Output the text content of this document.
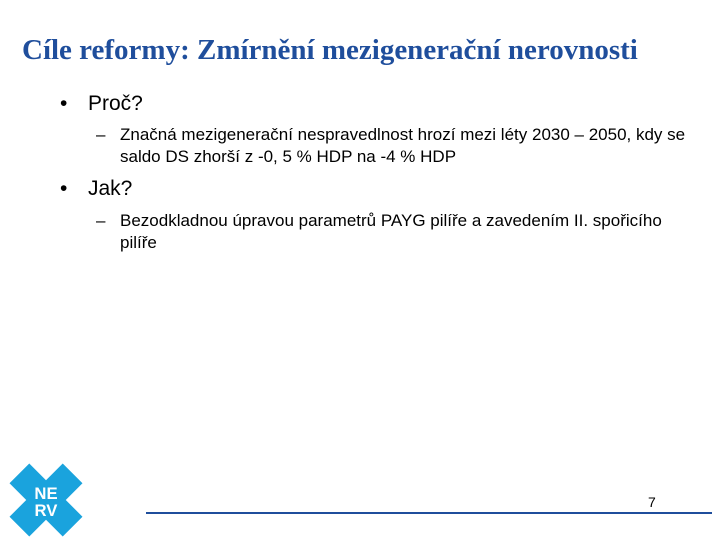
Cíle reformy: Zmírnění mezigenerační nerovnosti
• Proč?
– Značná mezigenerační nespravedlnost hrozí mezi léty 2030 – 2050, kdy se saldo DS zhorší z -0, 5 % HDP na -4 % HDP
• Jak?
– Bezodkladnou úpravou parametrů PAYG pilíře a zavedením II. spořicího pilíře
NE
RV	7
